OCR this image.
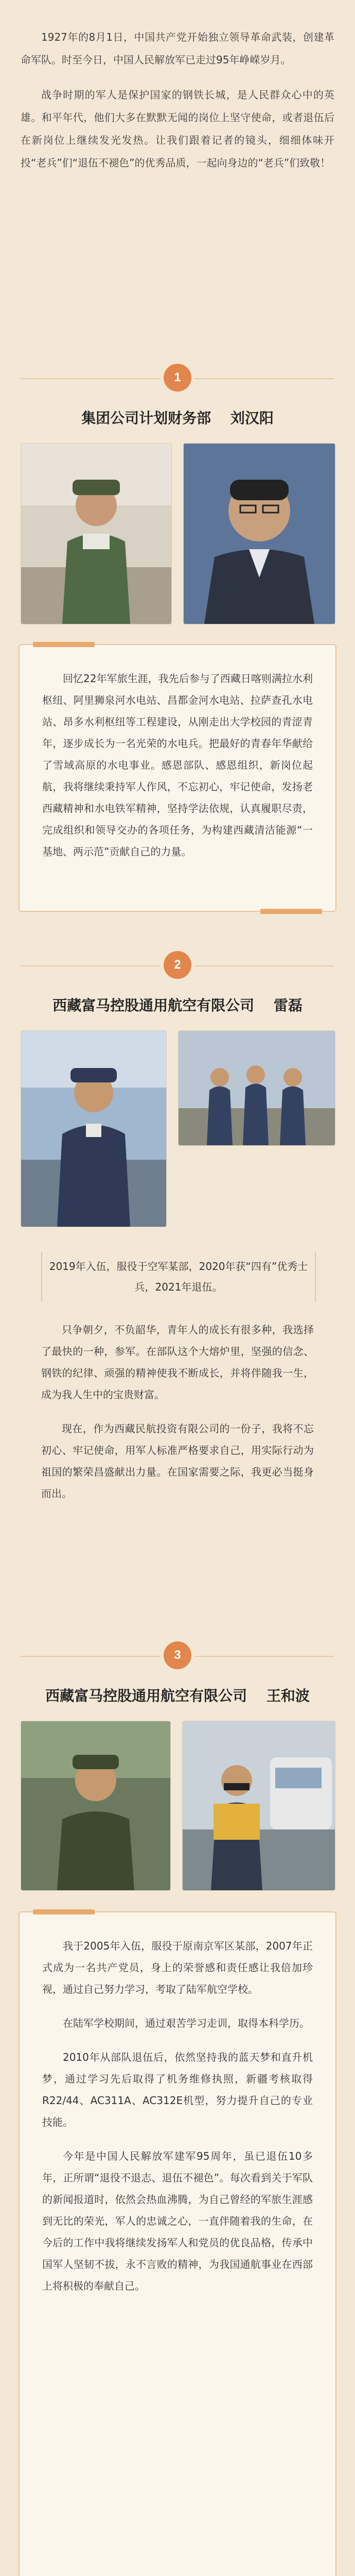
1927年的8月1日，中国共产党开始独立领导革命武装，创建革命军队。时至今日，中国人民解放军已走过95年峥嵘岁月。

战争时期的军人是保护国家的钢铁长城，是人民群众心中的英雄。和平年代，他们大多在默默无闻的岗位上坚守使命，或者退伍后在新岗位上继续发光发热。让我们跟着记者的镜头，细细体味开投“老兵”们“退伍不褪色”的优秀品质，一起向身边的“老兵”们致敬！

1
集团公司计划财务部 刘汉阳

回忆22年军旅生涯，我先后参与了西藏日喀则满拉水利枢纽、阿里狮泉河水电站、昌都金河水电站、拉萨查孔水电站、昂多水利枢纽等工程建设，从刚走出大学校园的青涩青年，逐步成长为一名光荣的水电兵。把最好的青春年华献给了雪域高原的水电事业。感恩部队、感恩组织，新岗位起航，我将继续秉持军人作风，不忘初心，牢记使命，发扬老西藏精神和水电铁军精神，坚持学法依规，认真履职尽责，完成组织和领导交办的各项任务，为构建西藏清洁能源“一基地、两示范”贡献自己的力量。

2
西藏富马控股通用航空有限公司 雷磊
2019年入伍，服役于空军某部，2020年获“四有”优秀士兵，2021年退伍。

只争朝夕，不负韶华，青年人的成长有很多种，我选择了最快的一种，参军。在部队这个大熔炉里，坚强的信念、钢铁的纪律、顽强的精神使我不断成长，并将伴随我一生，成为我人生中的宝贵财富。

现在，作为西藏民航投资有限公司的一份子，我将不忘初心、牢记使命，用军人标准严格要求自己，用实际行动为祖国的繁荣昌盛献出力量。在国家需要之际，我更必当挺身而出。

3
西藏富马控股通用航空有限公司 王和波

我于2005年入伍，服役于原南京军区某部，2007年正式成为一名共产党员，身上的荣誉感和责任感让我倍加珍视，通过自己努力学习，考取了陆军航空学校。

在陆军学校期间，通过艰苦学习走训，取得本科学历。

2010年从部队退伍后，依然坚持我的蓝天梦和直升机梦，通过学习先后取得了机务维修执照，新疆考核取得R22/44、AC311A、AC312E机型，努力提升自己的专业技能。

今年是中国人民解放军建军95周年，虽已退伍10多年，正所谓“退役不退志、退伍不褪色”。每次看到关于军队的新闻报道时，依然会热血沸腾，为自己曾经的军旅生涯感到无比的荣光，军人的忠诚之心，一直伴随着我的生命，在今后的工作中我将继续发扬军人和党员的优良品格，传承中国军人坚韧不拔，永不言败的精神，为我国通航事业在西部上将积极的奉献自己。
